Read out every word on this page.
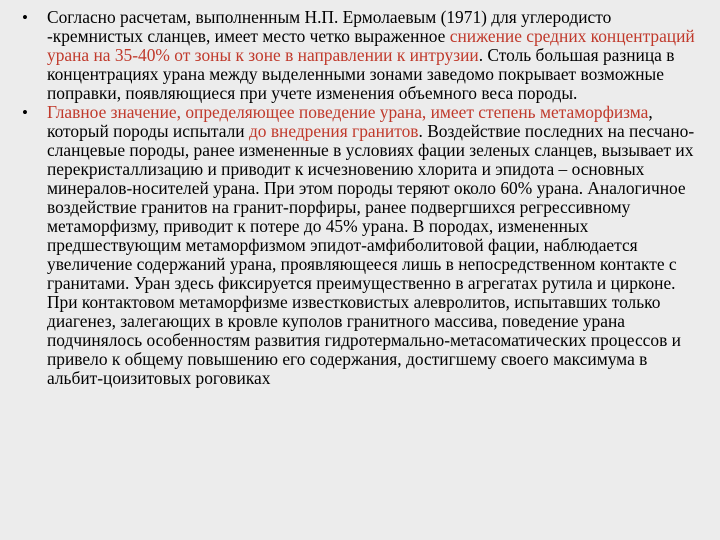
• Согласно расчетам, выполненным Н.П. Ермолаевым (1971) для углеродисто -кремнистых сланцев, имеет место четко выраженное снижение средних концентраций урана на 35-40% от зоны к зоне в направлении к интрузии. Столь большая разница в концентрациях урана между выделенными зонами заведомо покрывает возможные поправки, появляющиеся при учете изменения объемного веса породы.
• Главное значение, определяющее поведение урана, имеет степень метаморфизма, который породы испытали до внедрения гранитов. Воздействие последних на песчано-сланцевые породы, ранее измененные в условиях фации зеленых сланцев, вызывает их перекристаллизацию и приводит к исчезновению хлорита и эпидота – основных минералов-носителей урана. При этом породы теряют около 60% урана. Аналогичное воздействие гранитов на гранит-порфиры, ранее подвергшихся регрессивному метаморфизму, приводит к потере до 45% урана. В породах, измененных предшествующим метаморфизмом эпидот-амфиболитовой фации, наблюдается увеличение содержаний урана, проявляющееся лишь в непосредственном контакте с гранитами. Уран здесь фиксируется преимущественно в агрегатах рутила и цирконе. При контактовом метаморфизме известковистых алевролитов, испытавших только диагенез, залегающих в кровле куполов гранитного массива, поведение урана подчинялось особенностям развития гидротермально-метасоматических процессов и привело к общему повышению его содержания, достигшему своего максимума в альбит-цоизитовых роговиках
